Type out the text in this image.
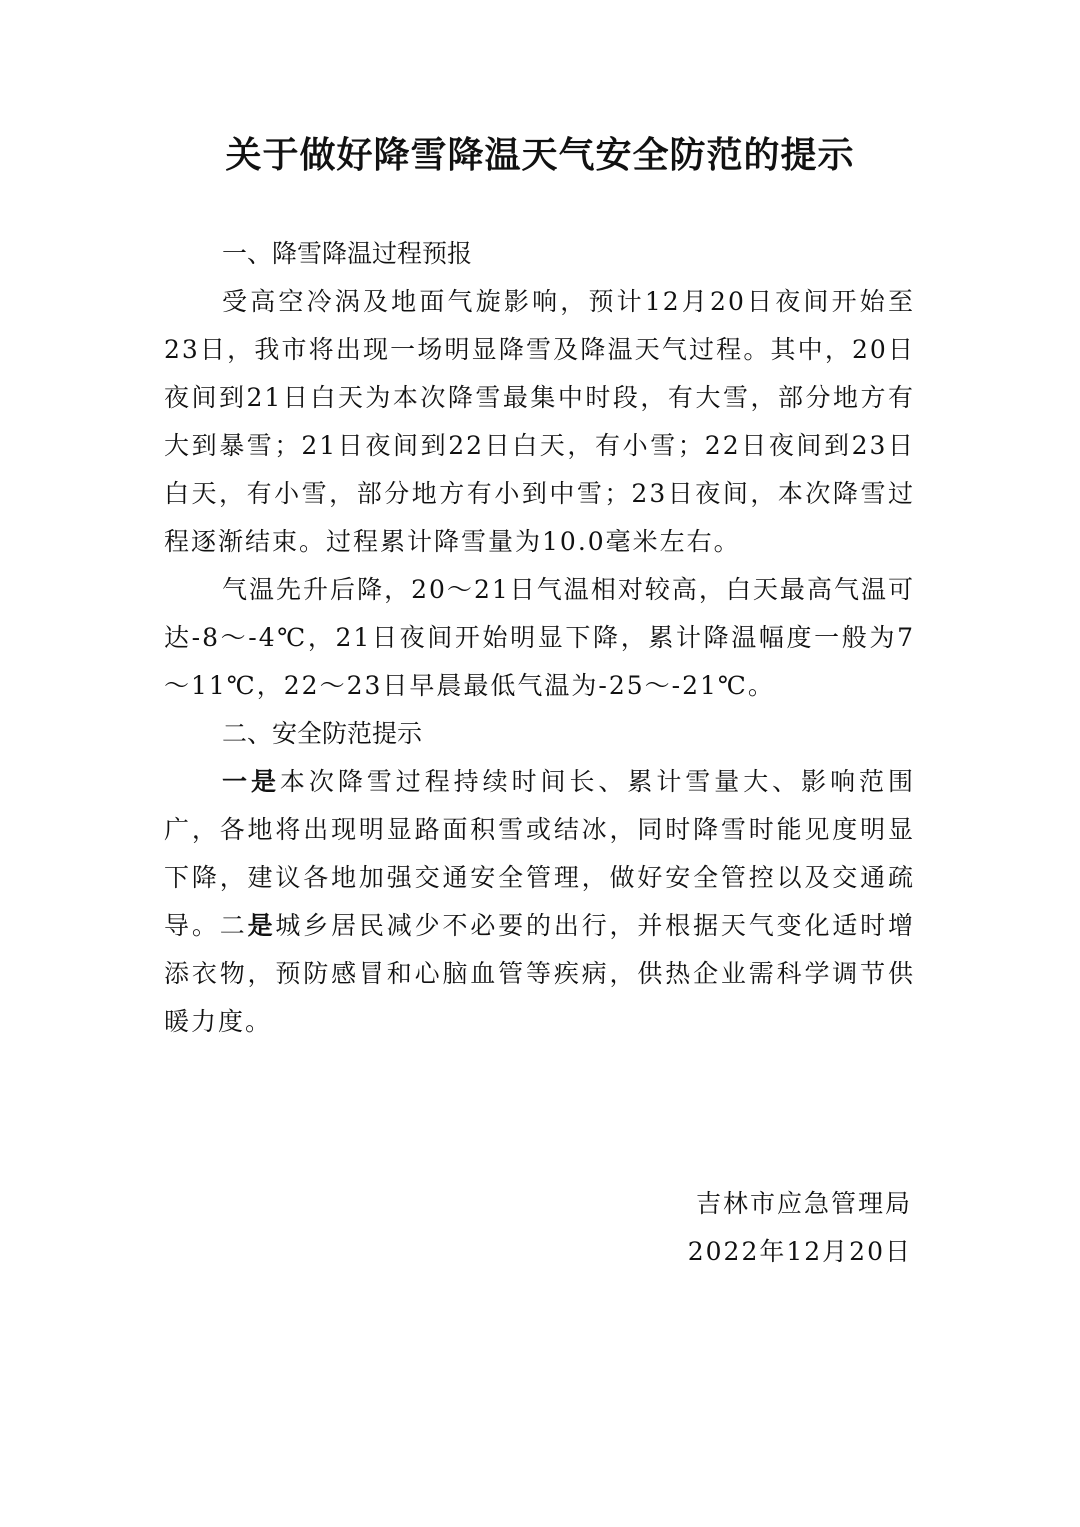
关于做好降雪降温天气安全防范的提示

一、降雪降温过程预报

受高空冷涡及地面气旋影响，预计12月20日夜间开始至23日，我市将出现一场明显降雪及降温天气过程。其中，20日夜间到21日白天为本次降雪最集中时段，有大雪，部分地方有大到暴雪；21日夜间到22日白天，有小雪；22日夜间到23日白天，有小雪，部分地方有小到中雪；23日夜间，本次降雪过程逐渐结束。过程累计降雪量为10.0毫米左右。

气温先升后降，20～21日气温相对较高，白天最高气温可达-8～-4℃，21日夜间开始明显下降，累计降温幅度一般为7～11℃，22～23日早晨最低气温为-25～-21℃。

二、安全防范提示

一是本次降雪过程持续时间长、累计雪量大、影响范围广，各地将出现明显路面积雪或结冰，同时降雪时能见度明显下降，建议各地加强交通安全管理，做好安全管控以及交通疏导。二是城乡居民减少不必要的出行，并根据天气变化适时增添衣物，预防感冒和心脑血管等疾病，供热企业需科学调节供暖力度。

吉林市应急管理局
2022年12月20日
